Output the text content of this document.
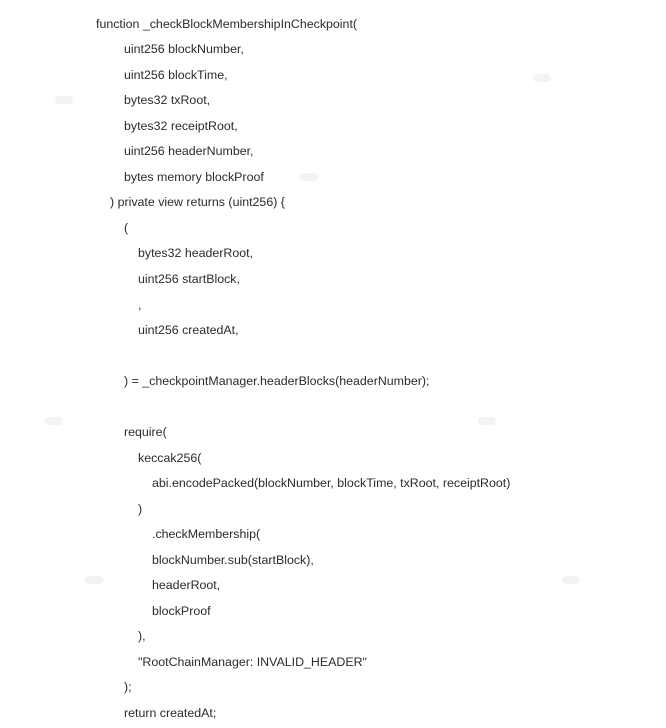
function _checkBlockMembershipInCheckpoint(
uint256 blockNumber,
uint256 blockTime,
bytes32 txRoot,
bytes32 receiptRoot,
uint256 headerNumber,
bytes memory blockProof
) private view returns (uint256) {
(
bytes32 headerRoot,
uint256 startBlock,
,
uint256 createdAt,
) = _checkpointManager.headerBlocks(headerNumber);
require(
keccak256(
abi.encodePacked(blockNumber, blockTime, txRoot, receiptRoot)
)
.checkMembership(
blockNumber.sub(startBlock),
headerRoot,
blockProof
),
"RootChainManager: INVALID_HEADER"
);
return createdAt;
